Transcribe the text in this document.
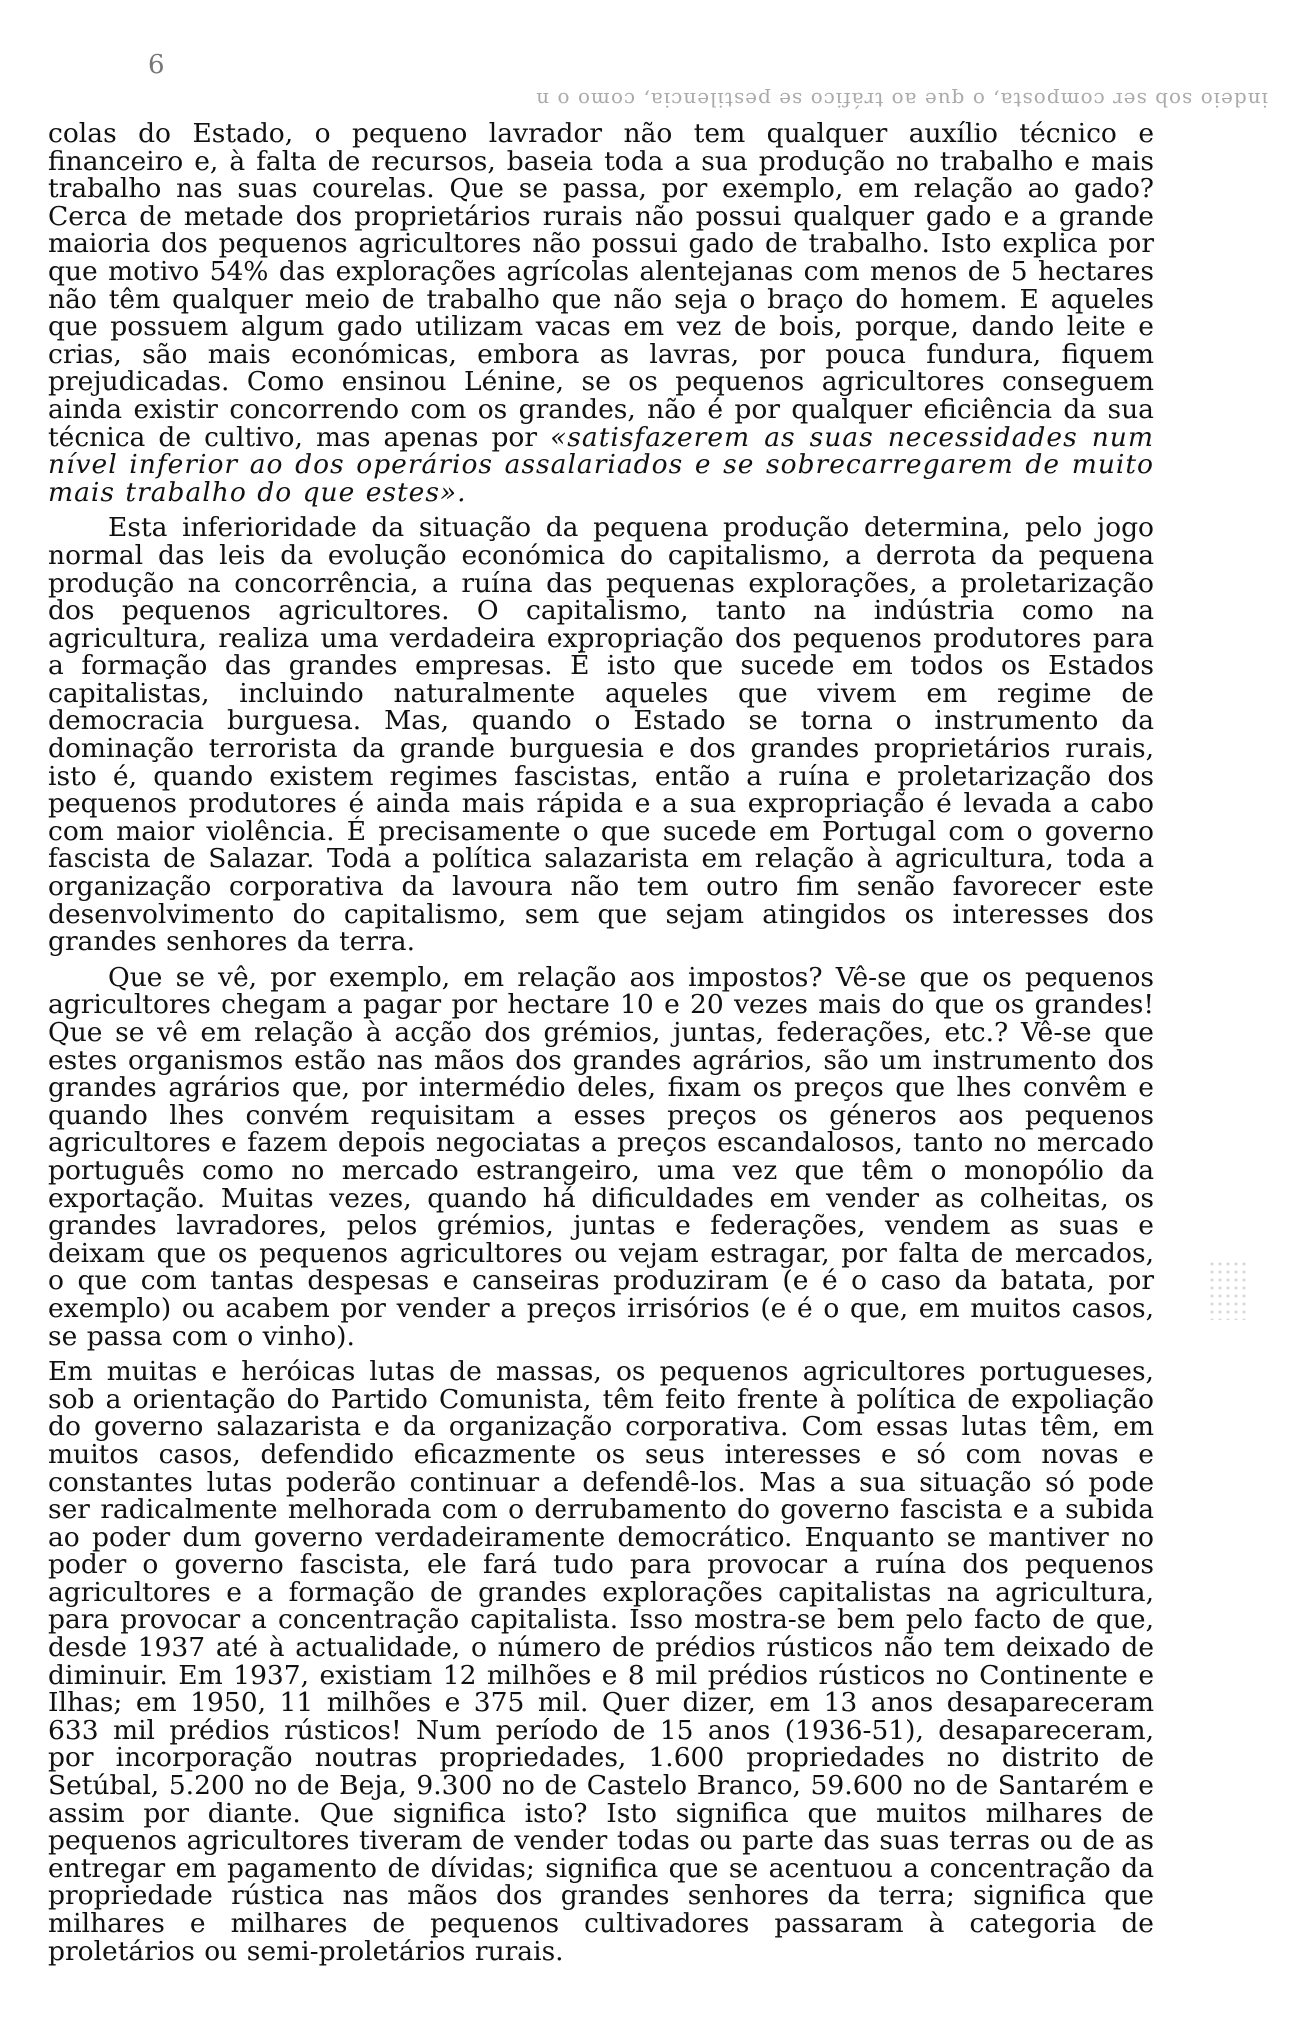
6
indeio sob ser composta, o que ao tráfico se pestilencia, como o n

colas do Estado, o pequeno lavrador não tem qualquer auxílio técnico e financeiro e, à falta de recursos, baseia toda a sua produção no trabalho e mais trabalho nas suas courelas. Que se passa, por exemplo, em relação ao gado? Cerca de metade dos proprietários rurais não possui qualquer gado e a grande maioria dos pequenos agricultores não possui gado de trabalho. Isto explica por que motivo 54% das explorações agrícolas alentejanas com menos de 5 hectares não têm qualquer meio de trabalho que não seja o braço do homem. E aqueles que possuem algum gado utilizam vacas em vez de bois, porque, dando leite e crias, são mais económicas, embora as lavras, por pouca fundura, fiquem prejudicadas. Como ensinou Lénine, se os pequenos agricultores conseguem ainda existir concorrendo com os grandes, não é por qualquer eficiência da sua técnica de cultivo, mas apenas por «satisfazerem as suas necessidades num nível inferior ao dos operários assalariados e se sobrecarregarem de muito mais trabalho do que estes».

Esta inferioridade da situação da pequena produção determina, pelo jogo normal das leis da evolução económica do capitalismo, a derrota da pequena produção na concorrência, a ruína das pequenas explorações, a proletarização dos pequenos agricultores. O capitalismo, tanto na indústria como na agricultura, realiza uma verdadeira expropriação dos pequenos produtores para a formação das grandes empresas. É isto que sucede em todos os Estados capitalistas, incluindo naturalmente aqueles que vivem em regime de democracia burguesa. Mas, quando o Estado se torna o instrumento da dominação terrorista da grande burguesia e dos grandes proprietários rurais, isto é, quando existem regimes fascistas, então a ruína e proletarização dos pequenos produtores é ainda mais rápida e a sua expropriação é levada a cabo com maior violência. É precisamente o que sucede em Portugal com o governo fascista de Salazar. Toda a política salazarista em relação à agricultura, toda a organização corporativa da lavoura não tem outro fim senão favorecer este desenvolvimento do capitalismo, sem que sejam atingidos os interesses dos grandes senhores da terra.

Que se vê, por exemplo, em relação aos impostos? Vê-se que os pequenos agricultores chegam a pagar por hectare 10 e 20 vezes mais do que os grandes! Que se vê em relação à acção dos grémios, juntas, federações, etc.? Vê-se que estes organismos estão nas mãos dos grandes agrários, são um instrumento dos grandes agrários que, por intermédio deles, fixam os preços que lhes convêm e quando lhes convém requisitam a esses preços os géneros aos pequenos agricultores e fazem depois negociatas a preços escandalosos, tanto no mercado português como no mercado estrangeiro, uma vez que têm o monopólio da exportação. Muitas vezes, quando há dificuldades em vender as colheitas, os grandes lavradores, pelos grémios, juntas e federações, vendem as suas e deixam que os pequenos agricultores ou vejam estragar, por falta de mercados, o que com tantas despesas e canseiras produziram (e é o caso da batata, por exemplo) ou acabem por vender a preços irrisórios (e é o que, em muitos casos, se passa com o vinho).

Em muitas e heróicas lutas de massas, os pequenos agricultores portugueses, sob a orientação do Partido Comunista, têm feito frente à política de expoliação do governo salazarista e da organização corporativa. Com essas lutas têm, em muitos casos, defendido eficazmente os seus interesses e só com novas e constantes lutas poderão continuar a defendê-los. Mas a sua situação só pode ser radicalmente melhorada com o derrubamento do governo fascista e a subida ao poder dum governo verdadeiramente democrático. Enquanto se mantiver no poder o governo fascista, ele fará tudo para provocar a ruína dos pequenos agricultores e a formação de grandes explorações capitalistas na agricultura, para provocar a concentração capitalista. Isso mostra-se bem pelo facto de que, desde 1937 até à actualidade, o número de prédios rústicos não tem deixado de diminuir. Em 1937, existiam 12 milhões e 8 mil prédios rústicos no Continente e Ilhas; em 1950, 11 milhões e 375 mil. Quer dizer, em 13 anos desapareceram 633 mil prédios rústicos! Num período de 15 anos (1936-51), desapareceram, por incorporação noutras propriedades, 1.600 propriedades no distrito de Setúbal, 5.200 no de Beja, 9.300 no de Castelo Branco, 59.600 no de Santarém e assim por diante. Que significa isto? Isto significa que muitos milhares de pequenos agricultores tiveram de vender todas ou parte das suas terras ou de as entregar em pagamento de dívidas; significa que se acentuou a concentração da propriedade rústica nas mãos dos grandes senhores da terra; significa que milhares e milhares de pequenos cultivadores passaram à categoria de proletários ou semi-proletários rurais.
